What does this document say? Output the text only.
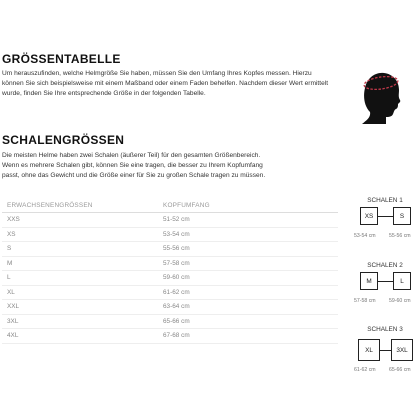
GRÖSSENTABELLE

Um herauszufinden, welche Helmgröße Sie haben, müssen Sie den Umfang Ihres Kopfes messen. Hierzu können Sie sich beispielsweise mit einem Maßband oder einem Faden behelfen. Nachdem dieser Wert ermittelt wurde, finden Sie Ihre entsprechende Größe in der folgenden Tabelle.

SCHALENGRÖSSEN

Die meisten Helme haben zwei Schalen (äußerer Teil) für den gesamten Größenbereich. Wenn es mehrere Schalen gibt, können Sie eine tragen, die besser zu Ihrem Kopfumfang passt, ohne das Gewicht und die Größe einer für Sie zu großen Schale tragen zu müssen.

ERWACHSENENGRÖSSEN	KOPFUMFANG
XXS	51-52 cm
XS	53-54 cm
S	55-56 cm
M	57-58 cm
L	59-60 cm
XL	61-62 cm
XXL	63-64 cm
3XL	65-66 cm
4XL	67-68 cm
SCHALEN 1
XS	S
53-54 cm	55-56 cm
SCHALEN 2
M	L
57-58 cm	59-60 cm
SCHALEN 3
XL	3XL
61-62 cm	65-66 cm
